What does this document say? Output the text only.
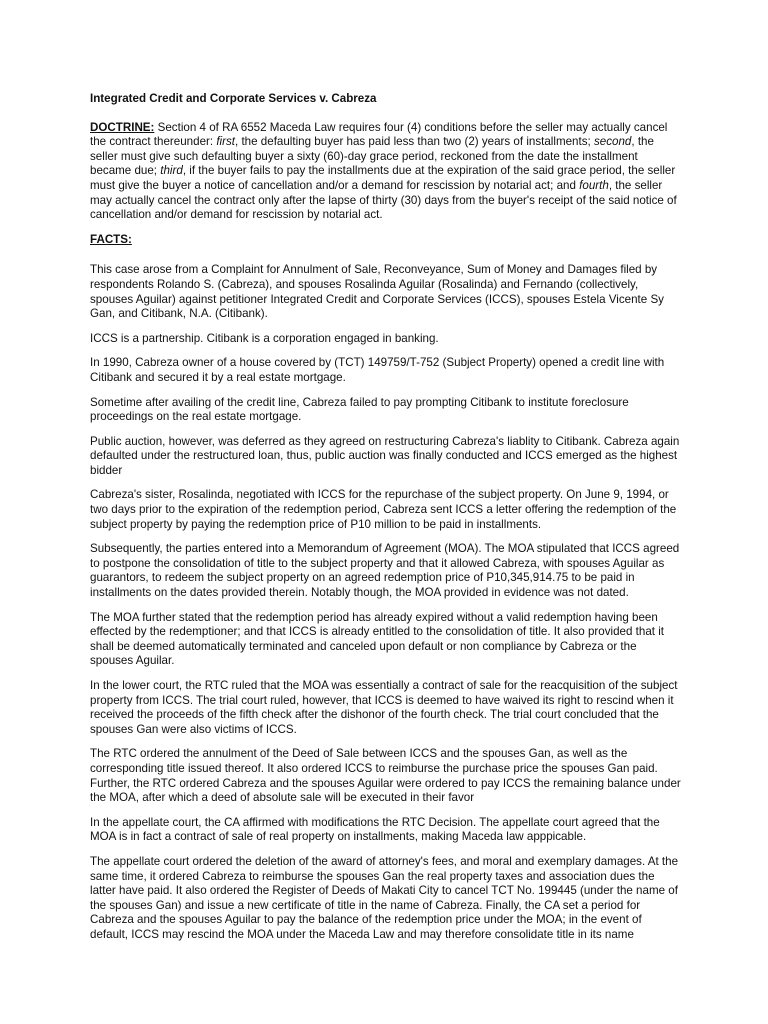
Integrated Credit and Corporate Services v. Cabreza

DOCTRINE: Section 4 of RA 6552 Maceda Law requires four (4) conditions before the seller may actually cancel the contract thereunder: first, the defaulting buyer has paid less than two (2) years of installments; second, the seller must give such defaulting buyer a sixty (60)-day grace period, reckoned from the date the installment became due; third, if the buyer fails to pay the installments due at the expiration of the said grace period, the seller must give the buyer a notice of cancellation and/or a demand for rescission by notarial act; and fourth, the seller may actually cancel the contract only after the lapse of thirty (30) days from the buyer's receipt of the said notice of cancellation and/or demand for rescission by notarial act.

FACTS:

This case arose from a Complaint for Annulment of Sale, Reconveyance, Sum of Money and Damages filed by respondents Rolando S. (Cabreza), and spouses Rosalinda Aguilar (Rosalinda) and Fernando (collectively, spouses Aguilar) against petitioner Integrated Credit and Corporate Services (ICCS), spouses Estela Vicente Sy Gan, and Citibank, N.A. (Citibank).

ICCS is a partnership. Citibank is a corporation engaged in banking.

In 1990, Cabreza owner of a house covered by (TCT) 149759/T-752 (Subject Property) opened a credit line with Citibank and secured it by a real estate mortgage.

Sometime after availing of the credit line, Cabreza failed to pay prompting Citibank to institute foreclosure proceedings on the real estate mortgage.

Public auction, however, was deferred as they agreed on restructuring Cabreza's liablity to Citibank. Cabreza again defaulted under the restructured loan, thus, public auction was finally conducted and ICCS emerged as the highest bidder

Cabreza's sister, Rosalinda, negotiated with ICCS for the repurchase of the subject property. On June 9, 1994, or two days prior to the expiration of the redemption period, Cabreza sent ICCS a letter offering the redemption of the subject property by paying the redemption price of P10 million to be paid in installments.

Subsequently, the parties entered into a Memorandum of Agreement (MOA). The MOA stipulated that ICCS agreed to postpone the consolidation of title to the subject property and that it allowed Cabreza, with spouses Aguilar as guarantors, to redeem the subject property on an agreed redemption price of P10,345,914.75 to be paid in installments on the dates provided therein. Notably though, the MOA provided in evidence was not dated.

The MOA further stated that the redemption period has already expired without a valid redemption having been effected by the redemptioner; and that ICCS is already entitled to the consolidation of title. It also provided that it shall be deemed automatically terminated and canceled upon default or non compliance by Cabreza or the spouses Aguilar.

In the lower court, the RTC ruled that the MOA was essentially a contract of sale for the reacquisition of the subject property from ICCS. The trial court ruled, however, that ICCS is deemed to have waived its right to rescind when it received the proceeds of the fifth check after the dishonor of the fourth check. The trial court concluded that the spouses Gan were also victims of ICCS.

The RTC ordered the annulment of the Deed of Sale between ICCS and the spouses Gan, as well as the corresponding title issued thereof. It also ordered ICCS to reimburse the purchase price the spouses Gan paid. Further, the RTC ordered Cabreza and the spouses Aguilar were ordered to pay ICCS the remaining balance under the MOA, after which a deed of absolute sale will be executed in their favor

In the appellate court, the CA affirmed with modifications the RTC Decision. The appellate court agreed that the MOA is in fact a contract of sale of real property on installments, making Maceda law apppicable.

The appellate court ordered the deletion of the award of attorney's fees, and moral and exemplary damages. At the same time, it ordered Cabreza to reimburse the spouses Gan the real property taxes and association dues the latter have paid. It also ordered the Register of Deeds of Makati City to cancel TCT No. 199445 (under the name of the spouses Gan) and issue a new certificate of title in the name of Cabreza. Finally, the CA set a period for Cabreza and the spouses Aguilar to pay the balance of the redemption price under the MOA; in the event of default, ICCS may rescind the MOA under the Maceda Law and may therefore consolidate title in its name
